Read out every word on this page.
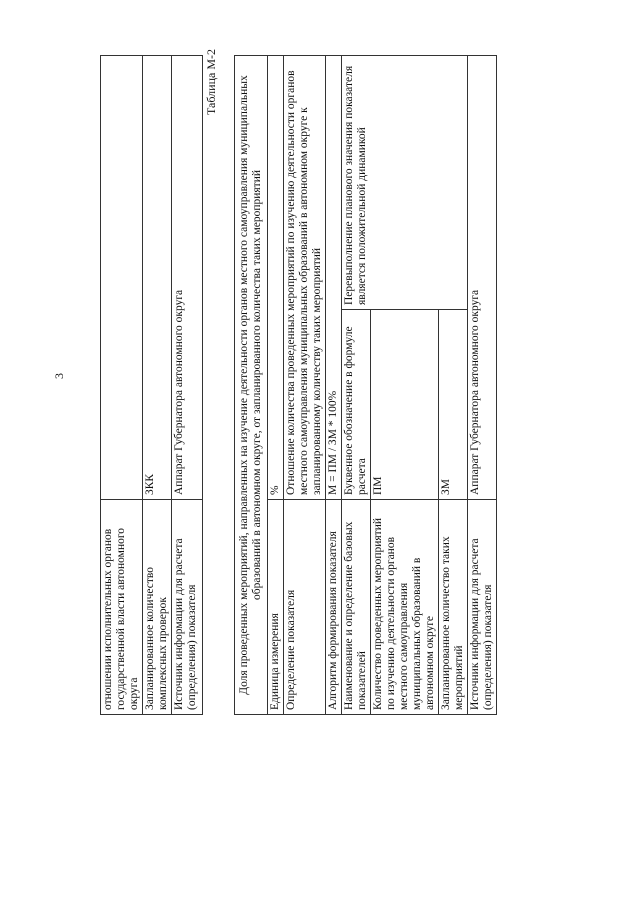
отношении исполнительных органов государственной власти автономного округа	

Запланированное количество комплексных проверок	ЗКК
Источник информации для расчета (определения) показателя	Аппарат Губернатора автономного округа
3
Таблица М-2 Доля проведенных мероприятий, направленных на изучение деятельности органов местного самоуправления муниципальных образований в автономном округе, от запланированного количества таких мероприятий		
Единица измерения	%	
Определение показателя	Отношение количества проведенных мероприятий по изучению деятельности органов местного самоуправления муниципальных образований в автономном округе к запланированному количеству таких мероприятий	
Алгоритм формирования показателя	М = ПМ / ЗМ * 100%	
Наименование и определение базовых показателей	Буквенное обозначение в формуле расчета	Перевыполнение планового значения показателя является положительной динамикой
Количество проведенных мероприятий по изучению деятельности органов местного самоуправления муниципальных образований в автономном округе	ПМ	
Запланированное количество таких мероприятий	ЗМ	
Источник информации для расчета (определения) показателя	Аппарат Губернатора автономного округа	
